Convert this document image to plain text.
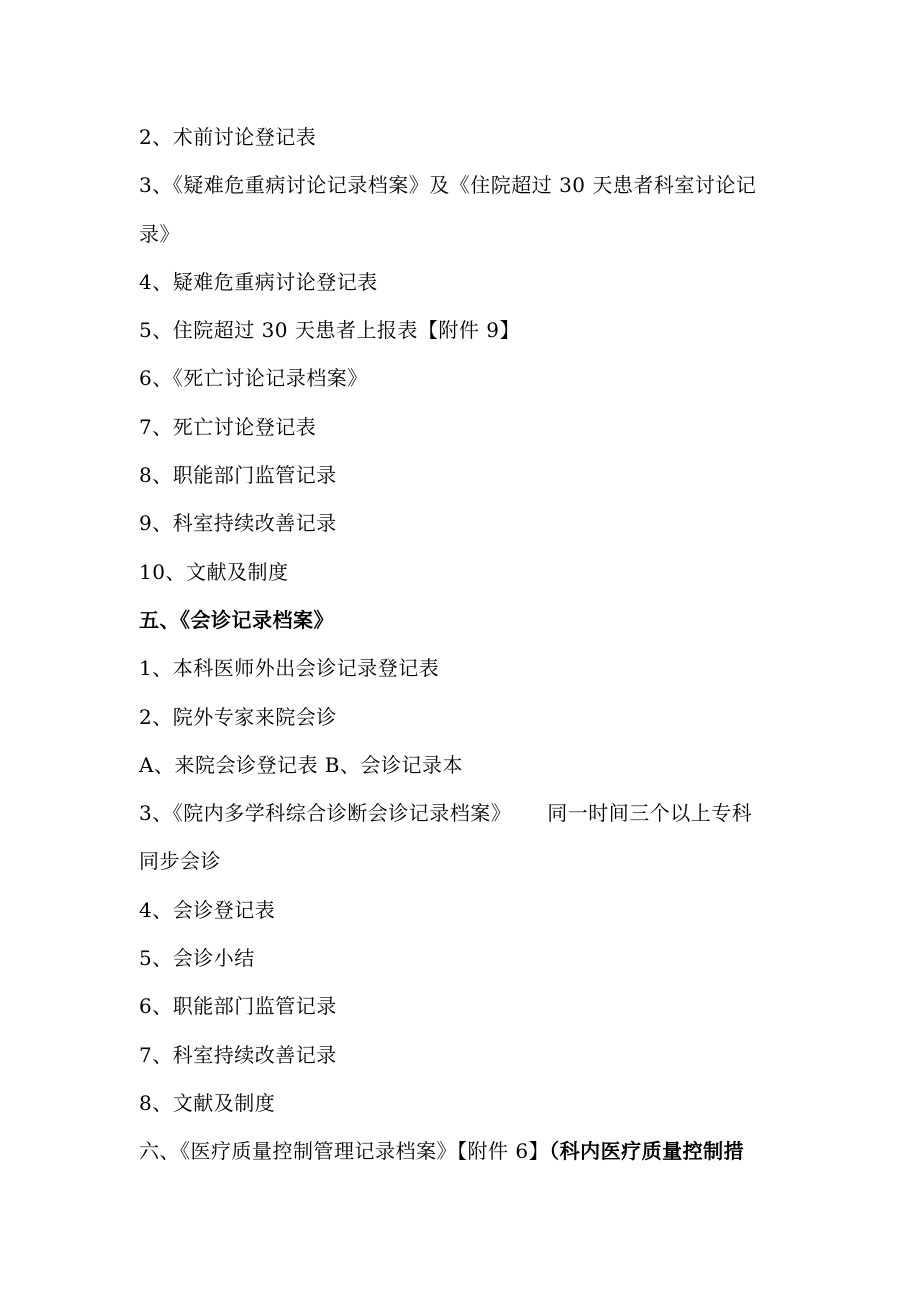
2、术前讨论登记表
3、《疑难危重病讨论记录档案》及《住院超过 30 天患者科室讨论记
录》
4、疑难危重病讨论登记表
5、住院超过 30 天患者上报表【附件 9】
6、《死亡讨论记录档案》
7、死亡讨论登记表
8、职能部门监管记录
9、科室持续改善记录
10、文献及制度
五、《会诊记录档案》
1、本科医师外出会诊记录登记表
2、院外专家来院会诊
A、来院会诊登记表 B、会诊记录本
3、《院内多学科综合诊断会诊记录档案》 同一时间三个以上专科
同步会诊
4、会诊登记表
5、会诊小结
6、职能部门监管记录
7、科室持续改善记录
8、文献及制度
六、《医疗质量控制管理记录档案》【附件 6】（科内医疗质量控制措
